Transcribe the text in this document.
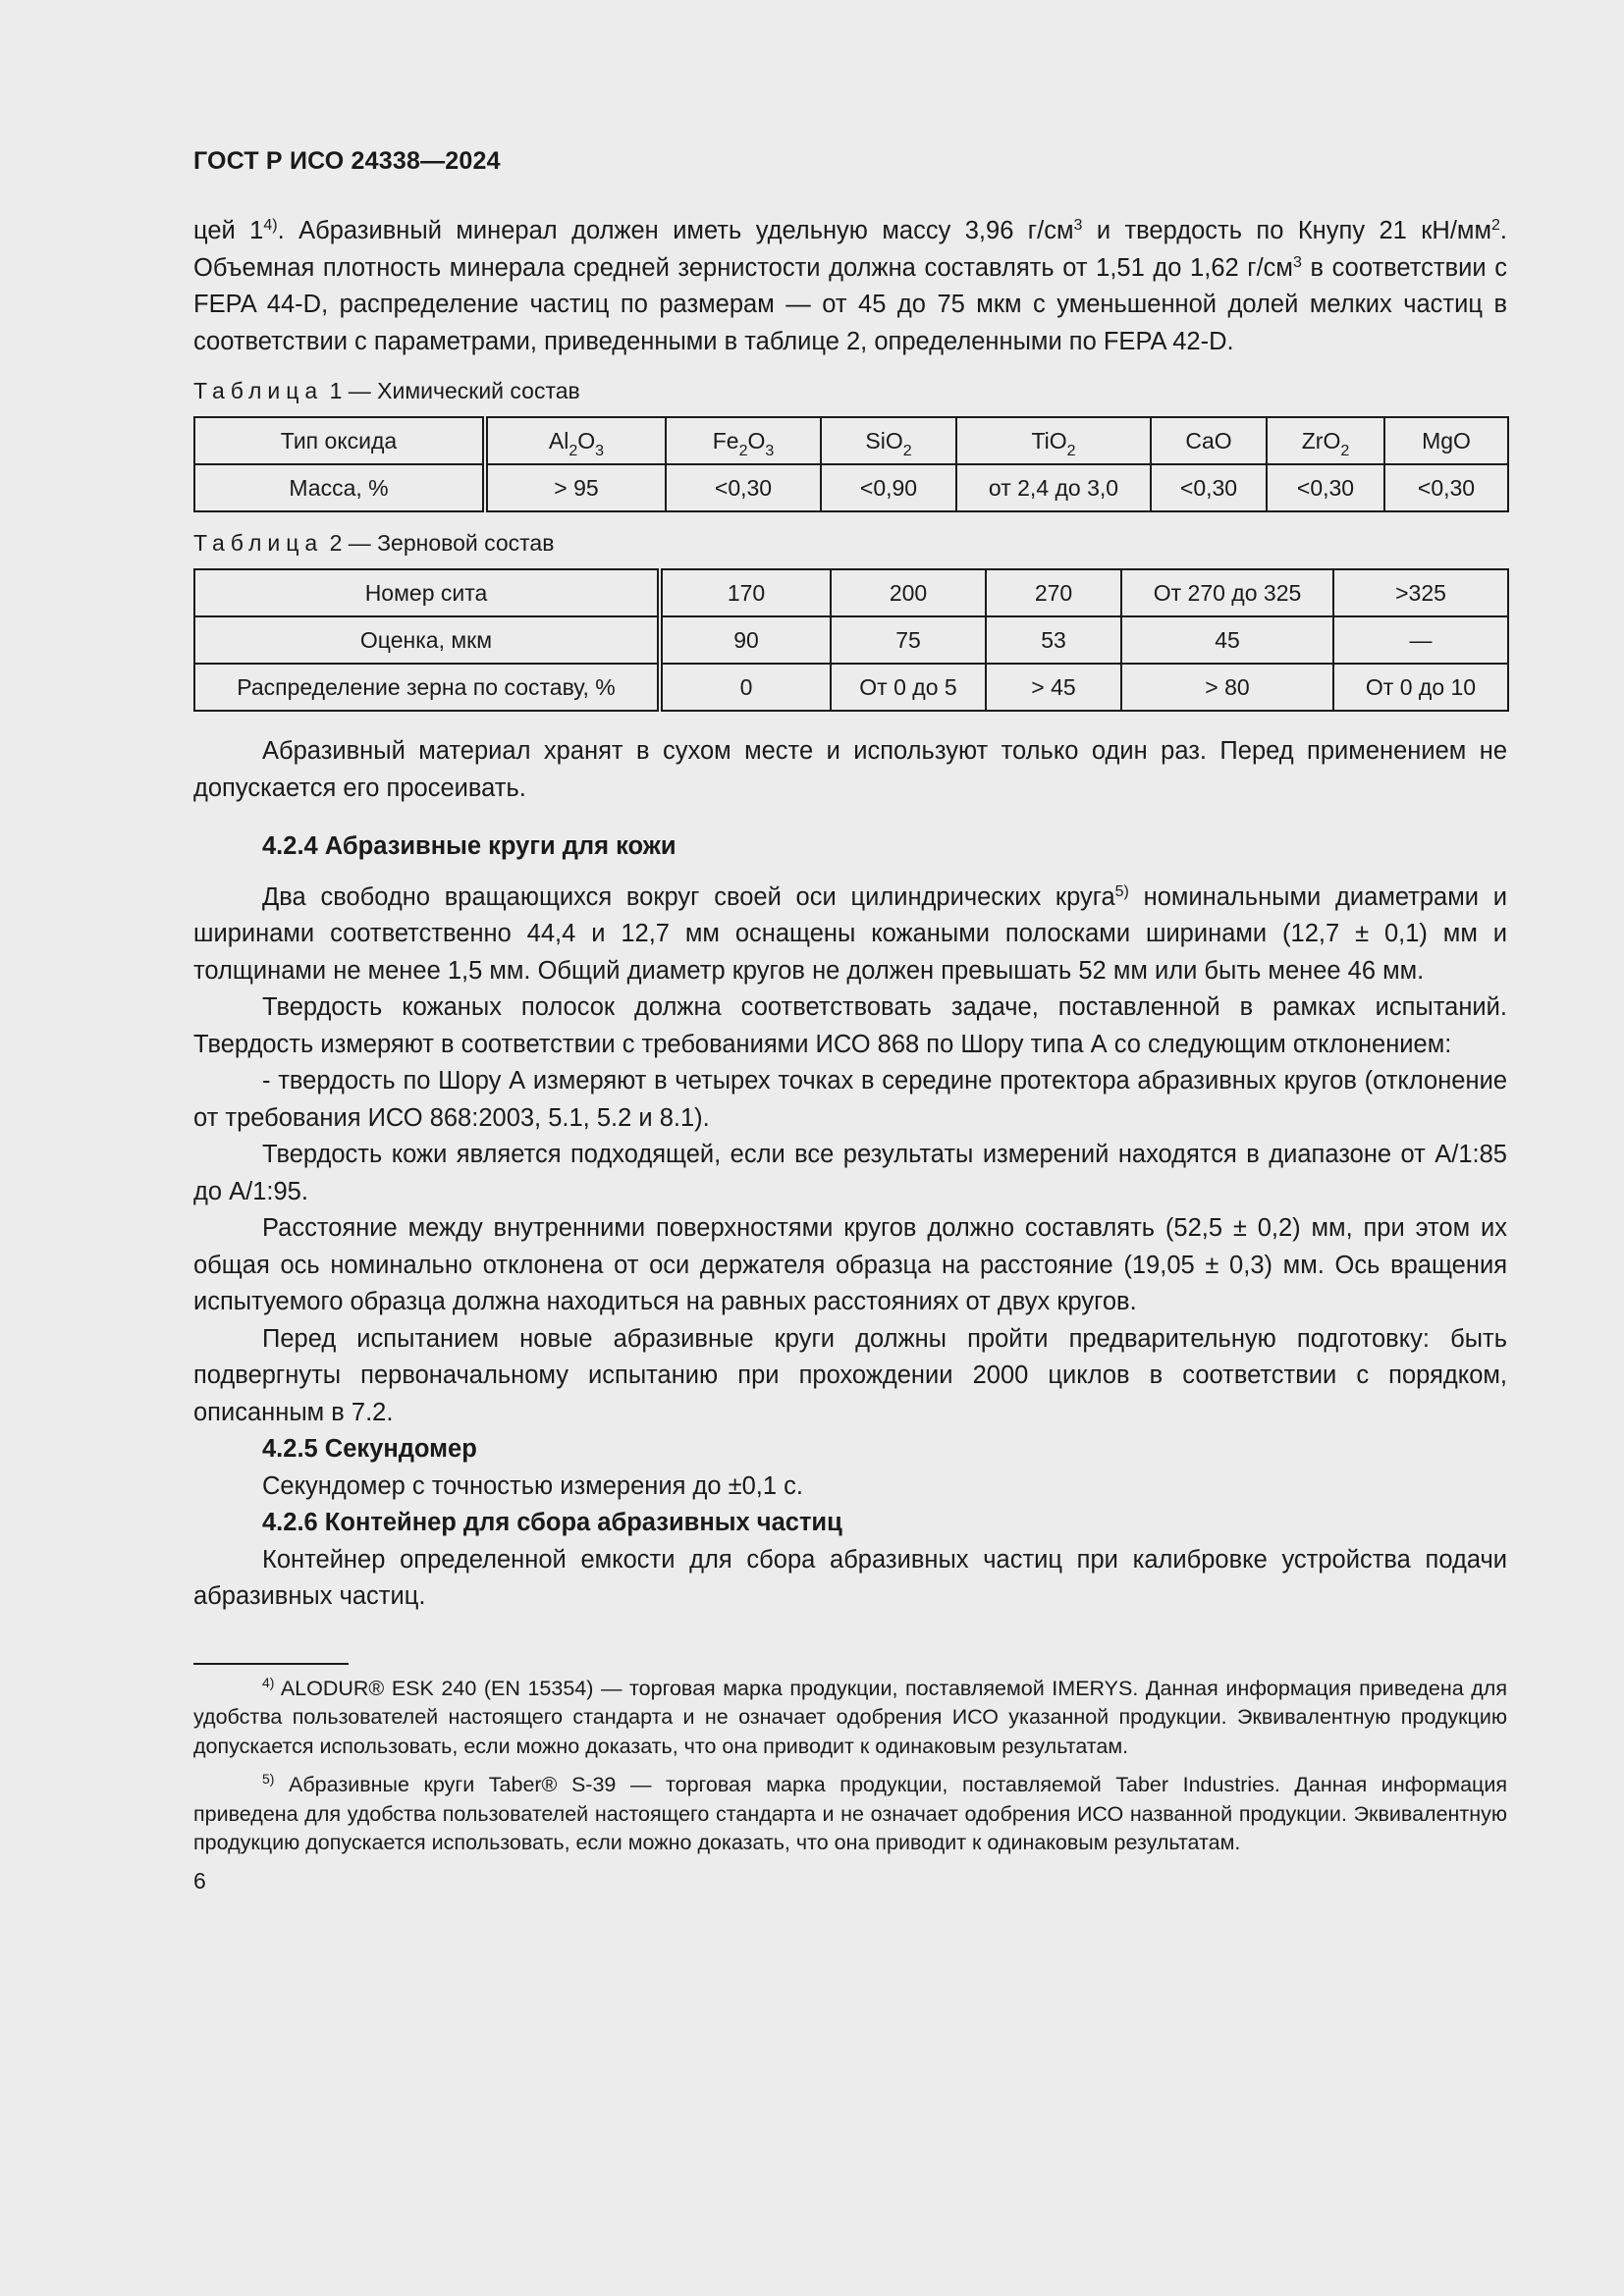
ГОСТ Р ИСО 24338—2024

цей 1$^{4)}$. Абразивный минерал должен иметь удельную массу 3,96 $г/см^3$ и твердость по Кнупу 21 $кН/мм^2$. Объемная плотность минерала средней зернистости должна составлять от 1,51 до 1,62 $г/см^3$ в соответствии с FEPA 44-D, распределение частиц по размерам — от 45 до 75 мкм с уменьшенной долей мелких частиц в соответствии с параметрами, приведенными в таблице 2, определенными по FEPA 42-D.

Таблица 1 — Химический состав
Тип оксида	$Al_2O_3$	$Fe_2O_3$	SiO$_2$	TiO$_2$	CaO	ZrO$_2$	MgO
Масса, %	> 95	<0,30	<0,90	от 2,4 до 3,0	<0,30	<0,30	<0,30
Таблица 2 — Зерновой состав
Номер сита	170	200	270	От 270 до 325	>325
Оценка, мкм	90	75	53	45	—
Распределение зерна по составу, %	0	От 0 до 5	> 45	> 80	От 0 до 10

Абразивный материал хранят в сухом месте и используют только один раз. Перед применением не допускается его просеивать.

4.2.4 Абразивные круги для кожи

Два свободно вращающихся вокруг своей оси цилиндрических круга$^{5)}$ номинальными диаметрами и ширинами соответственно 44,4 и 12,7 мм оснащены кожаными полосками ширинами (12,7 ± 0,1) мм и толщинами не менее 1,5 мм. Общий диаметр кругов не должен превышать 52 мм или быть менее 46 мм.

Твердость кожаных полосок должна соответствовать задаче, поставленной в рамках испытаний. Твердость измеряют в соответствии с требованиями ИСО 868 по Шору типа А со следующим отклонением:

- твердость по Шору А измеряют в четырех точках в середине протектора абразивных кругов (отклонение от требования ИСО 868:2003, 5.1, 5.2 и 8.1).

Твердость кожи является подходящей, если все результаты измерений находятся в диапазоне от А/1:85 до А/1:95.

Расстояние между внутренними поверхностями кругов должно составлять (52,5 ± 0,2) мм, при этом их общая ось номинально отклонена от оси держателя образца на расстояние (19,05 ± 0,3) мм. Ось вращения испытуемого образца должна находиться на равных расстояниях от двух кругов.

Перед испытанием новые абразивные круги должны пройти предварительную подготовку: быть подвергнуты первоначальному испытанию при прохождении 2000 циклов в соответствии с порядком, описанным в 7.2.

4.2.5 Секундомер

Секундомер с точностью измерения до ±0,1 с.

4.2.6 Контейнер для сбора абразивных частиц

Контейнер определенной емкости для сбора абразивных частиц при калибровке устройства подачи абразивных частиц.

$^{4)}$ ALODUR® ESK 240 (EN 15354) — торговая марка продукции, поставляемой IMERYS. Данная информация приведена для удобства пользователей настоящего стандарта и не означает одобрения ИСО указанной продукции. Эквивалентную продукцию допускается использовать, если можно доказать, что она приводит к одинаковым результатам.

$^{5)}$ Абразивные круги Taber® S-39 — торговая марка продукции, поставляемой Taber Industries. Данная информация приведена для удобства пользователей настоящего стандарта и не означает одобрения ИСО названной продукции. Эквивалентную продукцию допускается использовать, если можно доказать, что она приводит к одинаковым результатам.

6
